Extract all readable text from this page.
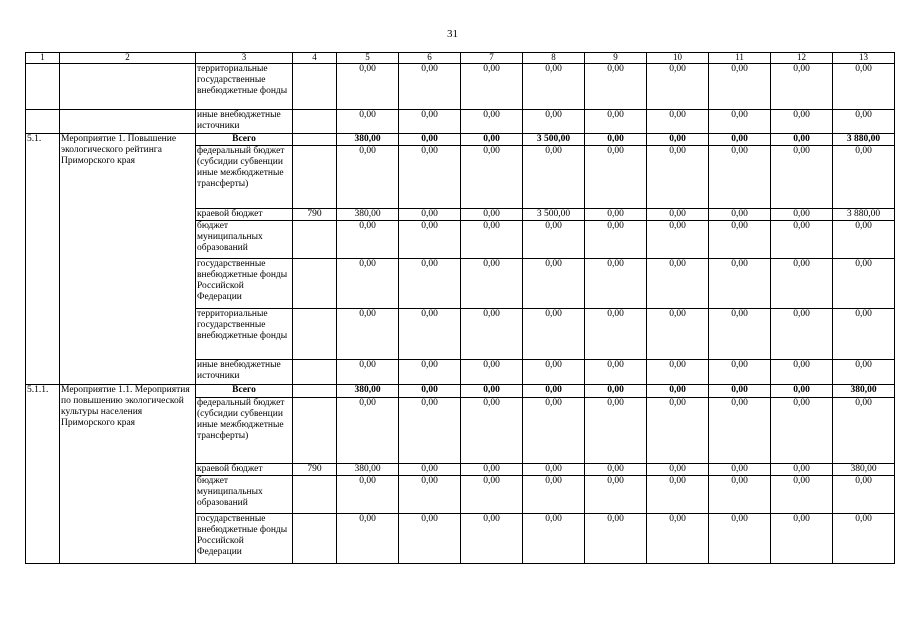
31
1	2	3	4	5	6	7	8	9	10	11	12	13
		территориальные государственные внебюджетные фонды		0,00	0,00	0,00	0,00	0,00	0,00	0,00	0,00	0,00
		иные внебюджетные источники		0,00	0,00	0,00	0,00	0,00	0,00	0,00	0,00	0,00
5.1.	Мероприятие 1. Повышение экологического рейтинга Приморского края	Всего		380,00	0,00	0,00	3 500,00	0,00	0,00	0,00	0,00	3 880,00
		федеральный бюджет (субсидии субвенции иные межбюджетные трансферты)		0,00	0,00	0,00	0,00	0,00	0,00	0,00	0,00	0,00
		краевой бюджет	790	380,00	0,00	0,00	3 500,00	0,00	0,00	0,00	0,00	3 880,00
		бюджет муниципальных образований		0,00	0,00	0,00	0,00	0,00	0,00	0,00	0,00	0,00
		государственные внебюджетные фонды Российской Федерации		0,00	0,00	0,00	0,00	0,00	0,00	0,00	0,00	0,00
		территориальные государственные внебюджетные фонды		0,00	0,00	0,00	0,00	0,00	0,00	0,00	0,00	0,00
		иные внебюджетные источники		0,00	0,00	0,00	0,00	0,00	0,00	0,00	0,00	0,00
5.1.1.	Мероприятие 1.1. Мероприятия по повышению экологической культуры населения Приморского края	Всего		380,00	0,00	0,00	0,00	0,00	0,00	0,00	0,00	380,00
		федеральный бюджет (субсидии субвенции иные межбюджетные трансферты)		0,00	0,00	0,00	0,00	0,00	0,00	0,00	0,00	0,00
		краевой бюджет	790	380,00	0,00	0,00	0,00	0,00	0,00	0,00	0,00	380,00
		бюджет муниципальных образований		0,00	0,00	0,00	0,00	0,00	0,00	0,00	0,00	0,00
		государственные внебюджетные фонды Российской Федерации		0,00	0,00	0,00	0,00	0,00	0,00	0,00	0,00	0,00
